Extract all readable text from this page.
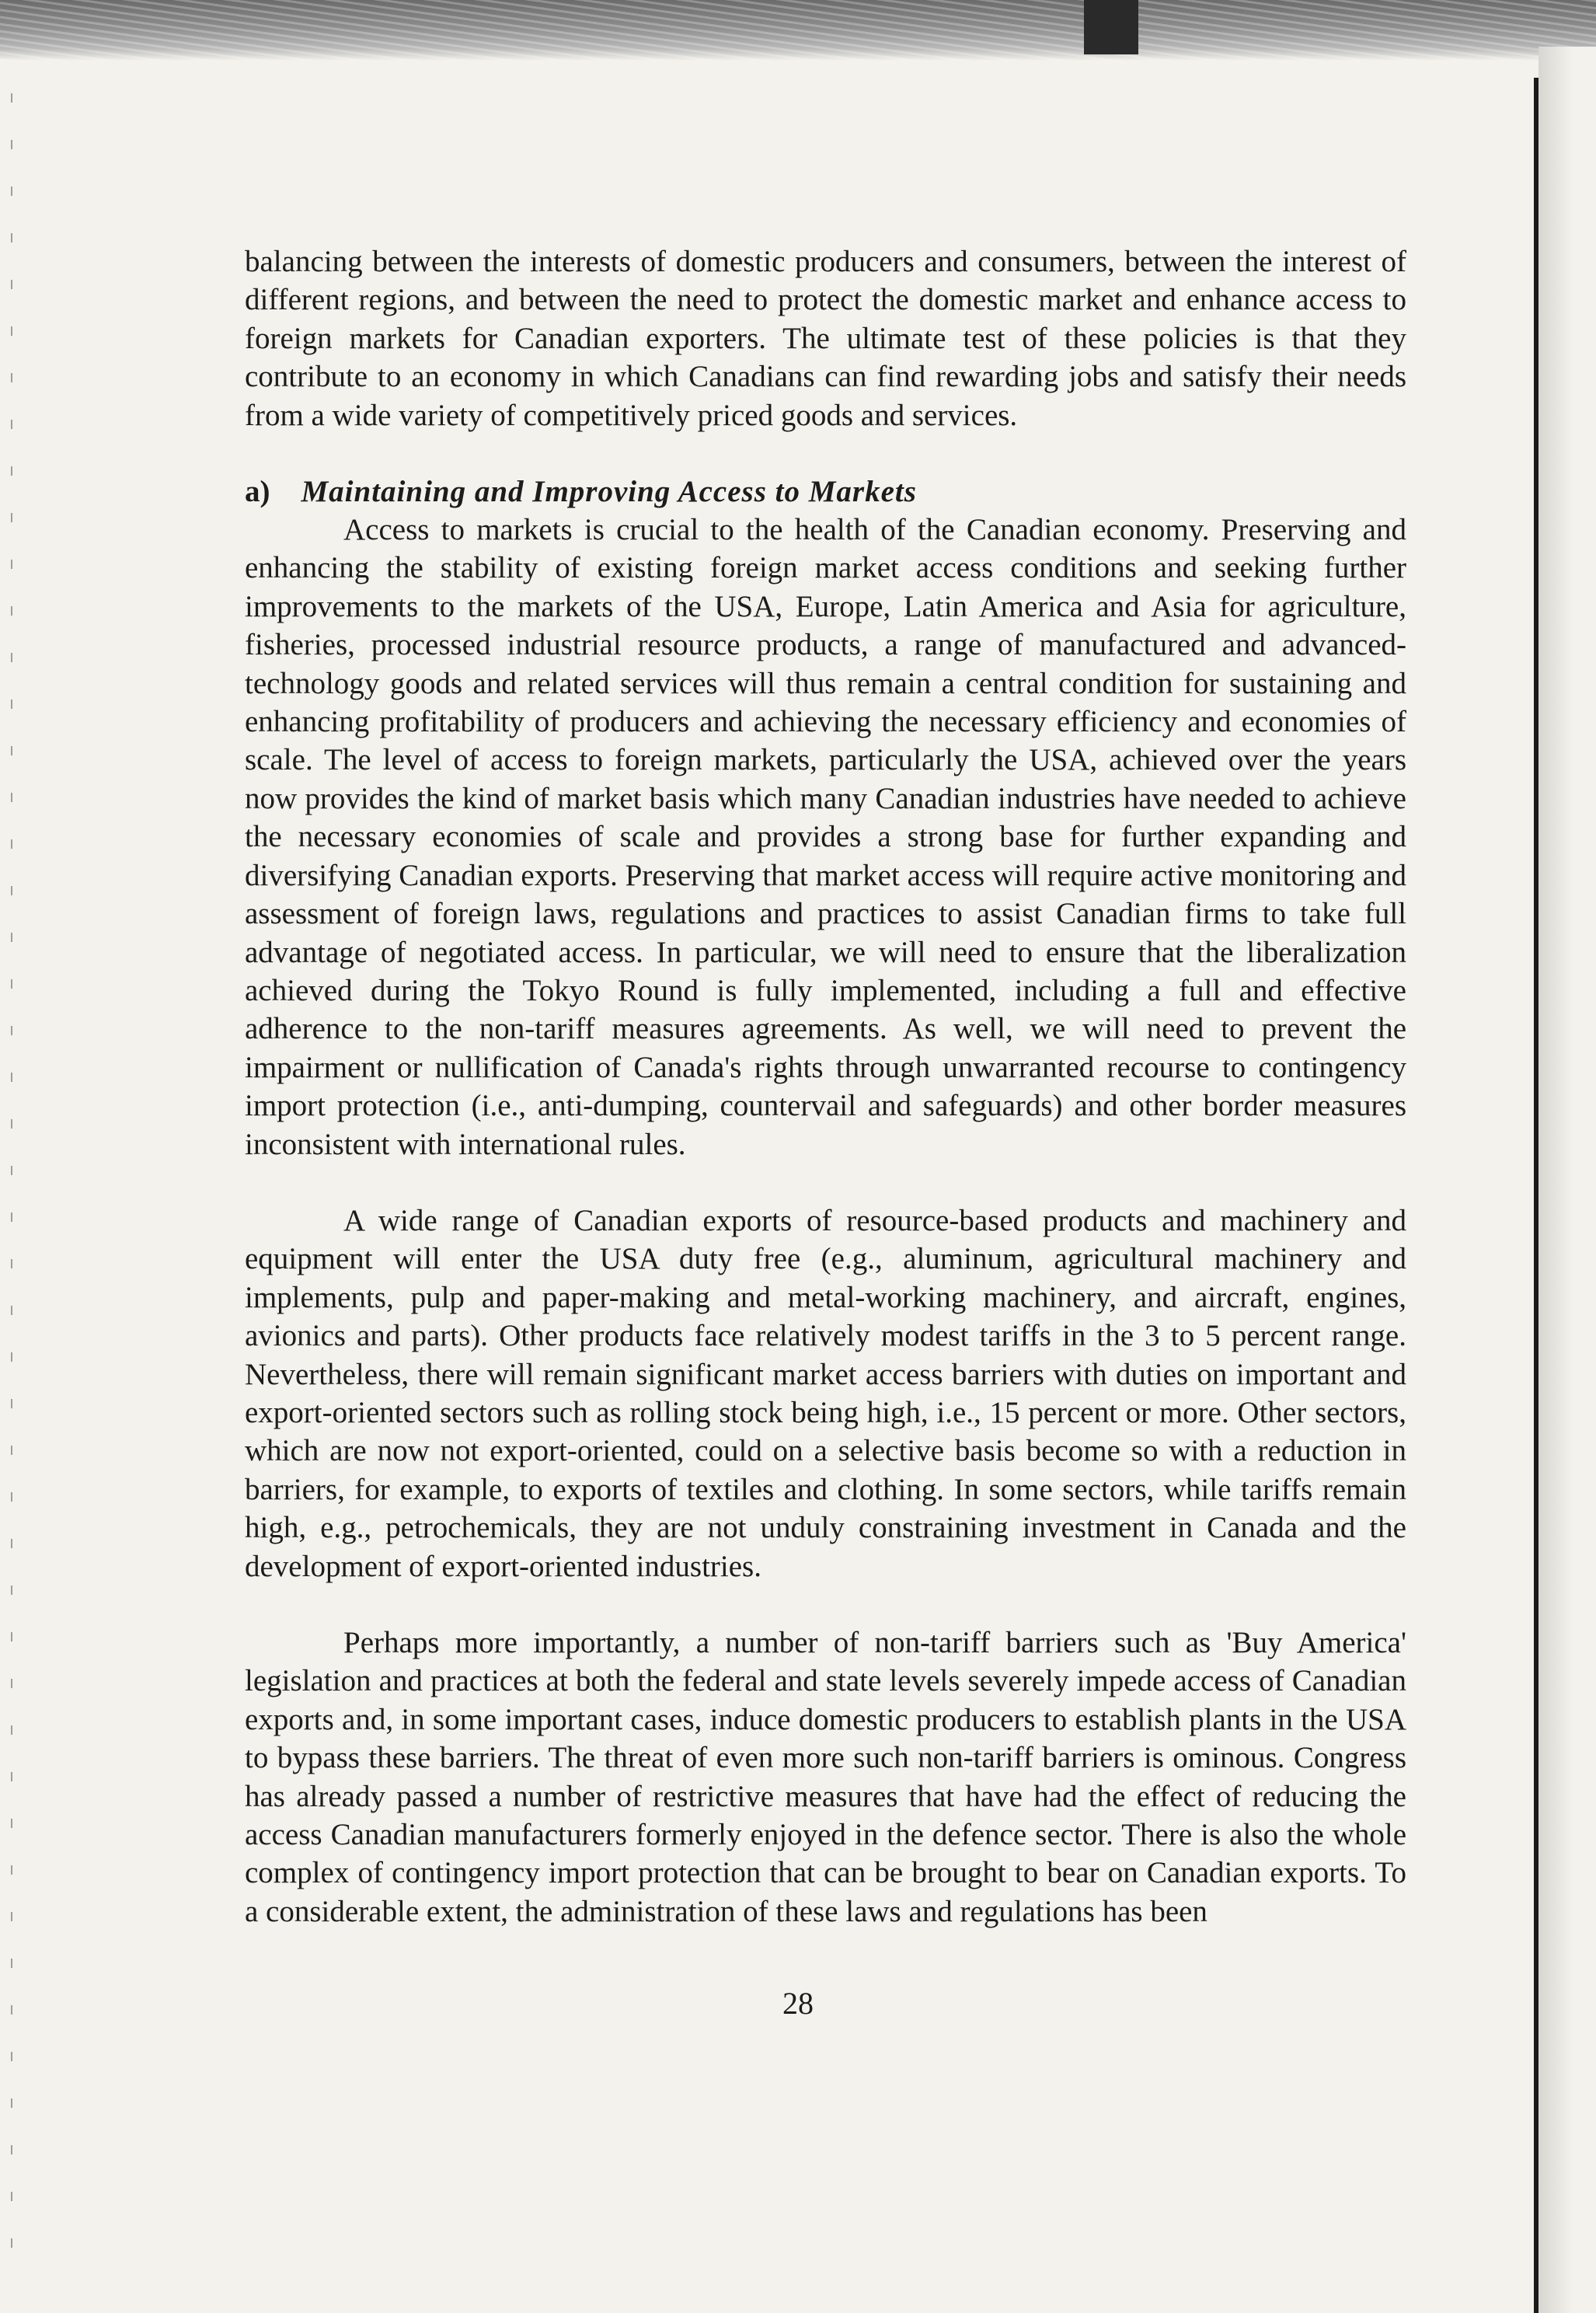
balancing between the interests of domestic producers and consumers, between the interest of different regions, and between the need to protect the domestic market and enhance access to foreign markets for Canadian exporters. The ultimate test of these policies is that they contribute to an economy in which Canadians can find rewarding jobs and satisfy their needs from a wide variety of competitively priced goods and services.

a) Maintaining and Improving Access to Markets

Access to markets is crucial to the health of the Canadian economy. Preserving and enhancing the stability of existing foreign market access conditions and seeking further improvements to the markets of the USA, Europe, Latin America and Asia for agriculture, fisheries, processed industrial resource products, a range of manufactured and advanced-technology goods and related services will thus remain a central condition for sustaining and enhancing profitability of producers and achieving the necessary efficiency and economies of scale. The level of access to foreign markets, particularly the USA, achieved over the years now provides the kind of market basis which many Canadian industries have needed to achieve the necessary economies of scale and provides a strong base for further expanding and diversifying Canadian exports. Preserving that market access will require active monitoring and assessment of foreign laws, regulations and practices to assist Canadian firms to take full advantage of negotiated access. In particular, we will need to ensure that the liberalization achieved during the Tokyo Round is fully implemented, including a full and effective adherence to the non-tariff measures agreements. As well, we will need to prevent the impairment or nullification of Canada's rights through unwarranted recourse to contingency import protection (i.e., anti-dumping, countervail and safeguards) and other border measures inconsistent with international rules.

A wide range of Canadian exports of resource-based products and machinery and equipment will enter the USA duty free (e.g., aluminum, agricultural machinery and implements, pulp and paper-making and metal-working machinery, and aircraft, engines, avionics and parts). Other products face relatively modest tariffs in the 3 to 5 percent range. Nevertheless, there will remain significant market access barriers with duties on important and export-oriented sectors such as rolling stock being high, i.e., 15 percent or more. Other sectors, which are now not export-oriented, could on a selective basis become so with a reduction in barriers, for example, to exports of textiles and clothing. In some sectors, while tariffs remain high, e.g., petrochemicals, they are not unduly constraining investment in Canada and the development of export-oriented industries.

Perhaps more importantly, a number of non-tariff barriers such as 'Buy America' legislation and practices at both the federal and state levels severely impede access of Canadian exports and, in some important cases, induce domestic producers to establish plants in the USA to bypass these barriers. The threat of even more such non-tariff barriers is ominous. Congress has already passed a number of restrictive measures that have had the effect of reducing the access Canadian manufacturers formerly enjoyed in the defence sector. There is also the whole complex of contingency import protection that can be brought to bear on Canadian exports. To a considerable extent, the administration of these laws and regulations has been

28
